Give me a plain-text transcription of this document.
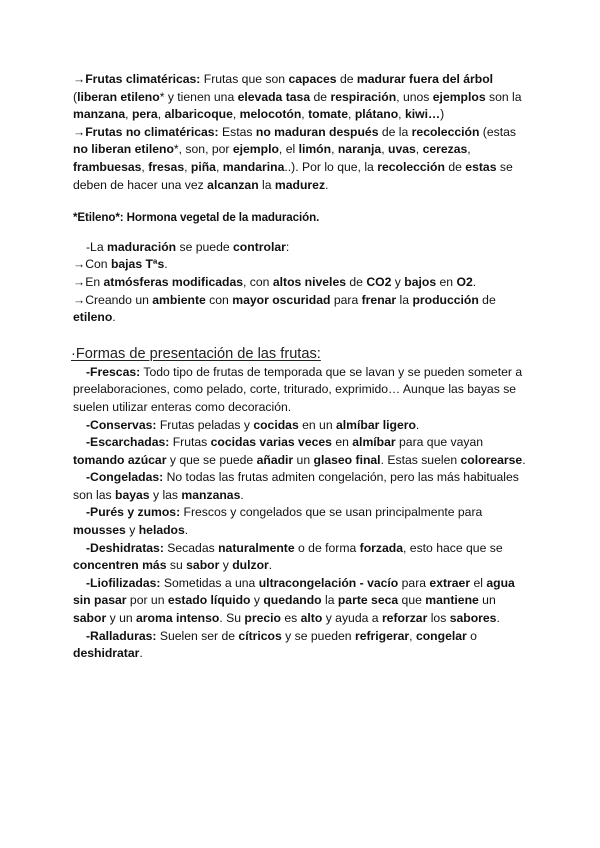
→Frutas climatéricas: Frutas que son capaces de madurar fuera del árbol (liberan etileno* y tienen una elevada tasa de respiración, unos ejemplos son la manzana, pera, albaricoque, melocotón, tomate, plátano, kiwi…)

→Frutas no climatéricas: Estas no maduran después de la recolección (estas no liberan etileno*, son, por ejemplo, el limón, naranja, uvas, cerezas, frambuesas, fresas, piña, mandarina..). Por lo que, la recolección de estas se deben de hacer una vez alcanzan la madurez.

*Etileno*: Hormona vegetal de la maduración.

-La maduración se puede controlar:

→Con bajas Tªs.

→En atmósferas modificadas, con altos niveles de CO2 y bajos en O2.

→Creando un ambiente con mayor oscuridad para frenar la producción de etileno.

·Formas de presentación de las frutas:

-Frescas: Todo tipo de frutas de temporada que se lavan y se pueden someter a preelaboraciones, como pelado, corte, triturado, exprimido… Aunque las bayas se suelen utilizar enteras como decoración.

-Conservas: Frutas peladas y cocidas en un almíbar ligero.

-Escarchadas: Frutas cocidas varias veces en almíbar para que vayan tomando azúcar y que se puede añadir un glaseo final. Estas suelen colorearse.

-Congeladas: No todas las frutas admiten congelación, pero las más habituales son las bayas y las manzanas.

-Purés y zumos: Frescos y congelados que se usan principalmente para mousses y helados.

-Deshidratas: Secadas naturalmente o de forma forzada, esto hace que se concentren más su sabor y dulzor.

-Liofilizadas: Sometidas a una ultracongelación - vacío para extraer el agua sin pasar por un estado líquido y quedando la parte seca que mantiene un sabor y un aroma intenso. Su precio es alto y ayuda a reforzar los sabores.

-Ralladuras: Suelen ser de cítricos y se pueden refrigerar, congelar o deshidratar.
